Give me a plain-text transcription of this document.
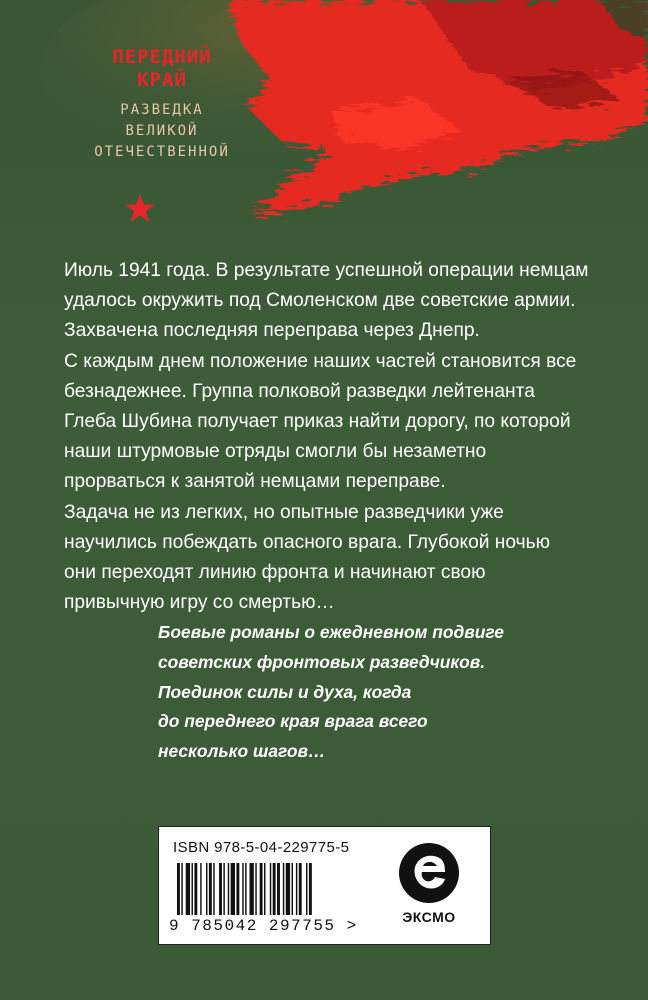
ПЕРЕДНИЙ
КРАЙ
РАЗВЕДКА
ВЕЛИКОЙ
ОТЕЧЕСТВЕННОЙ

Июль 1941 года. В результате успешной операции немцам

удалось окружить под Смоленском две советские армии.

Захвачена последняя переправа через Днепр.

С каждым днем положение наших частей становится все

безнадежнее. Группа полковой разведки лейтенанта

Глеба Шубина получает приказ найти дорогу, по которой

наши штурмовые отряды смогли бы незаметно

прорваться к занятой немцами переправе.

Задача не из легких, но опытные разведчики уже

научились побеждать опасного врага. Глубокой ночью

они переходят линию фронта и начинают свою

привычную игру со смертью…

Боевые романы о ежедневном подвиге

советских фронтовых разведчиков.

Поединок силы и духа, когда

до переднего края врага всего

несколько шагов…

ISBN 978-5-04-229775-5
9 785042 297755 >	ЭКСМО
